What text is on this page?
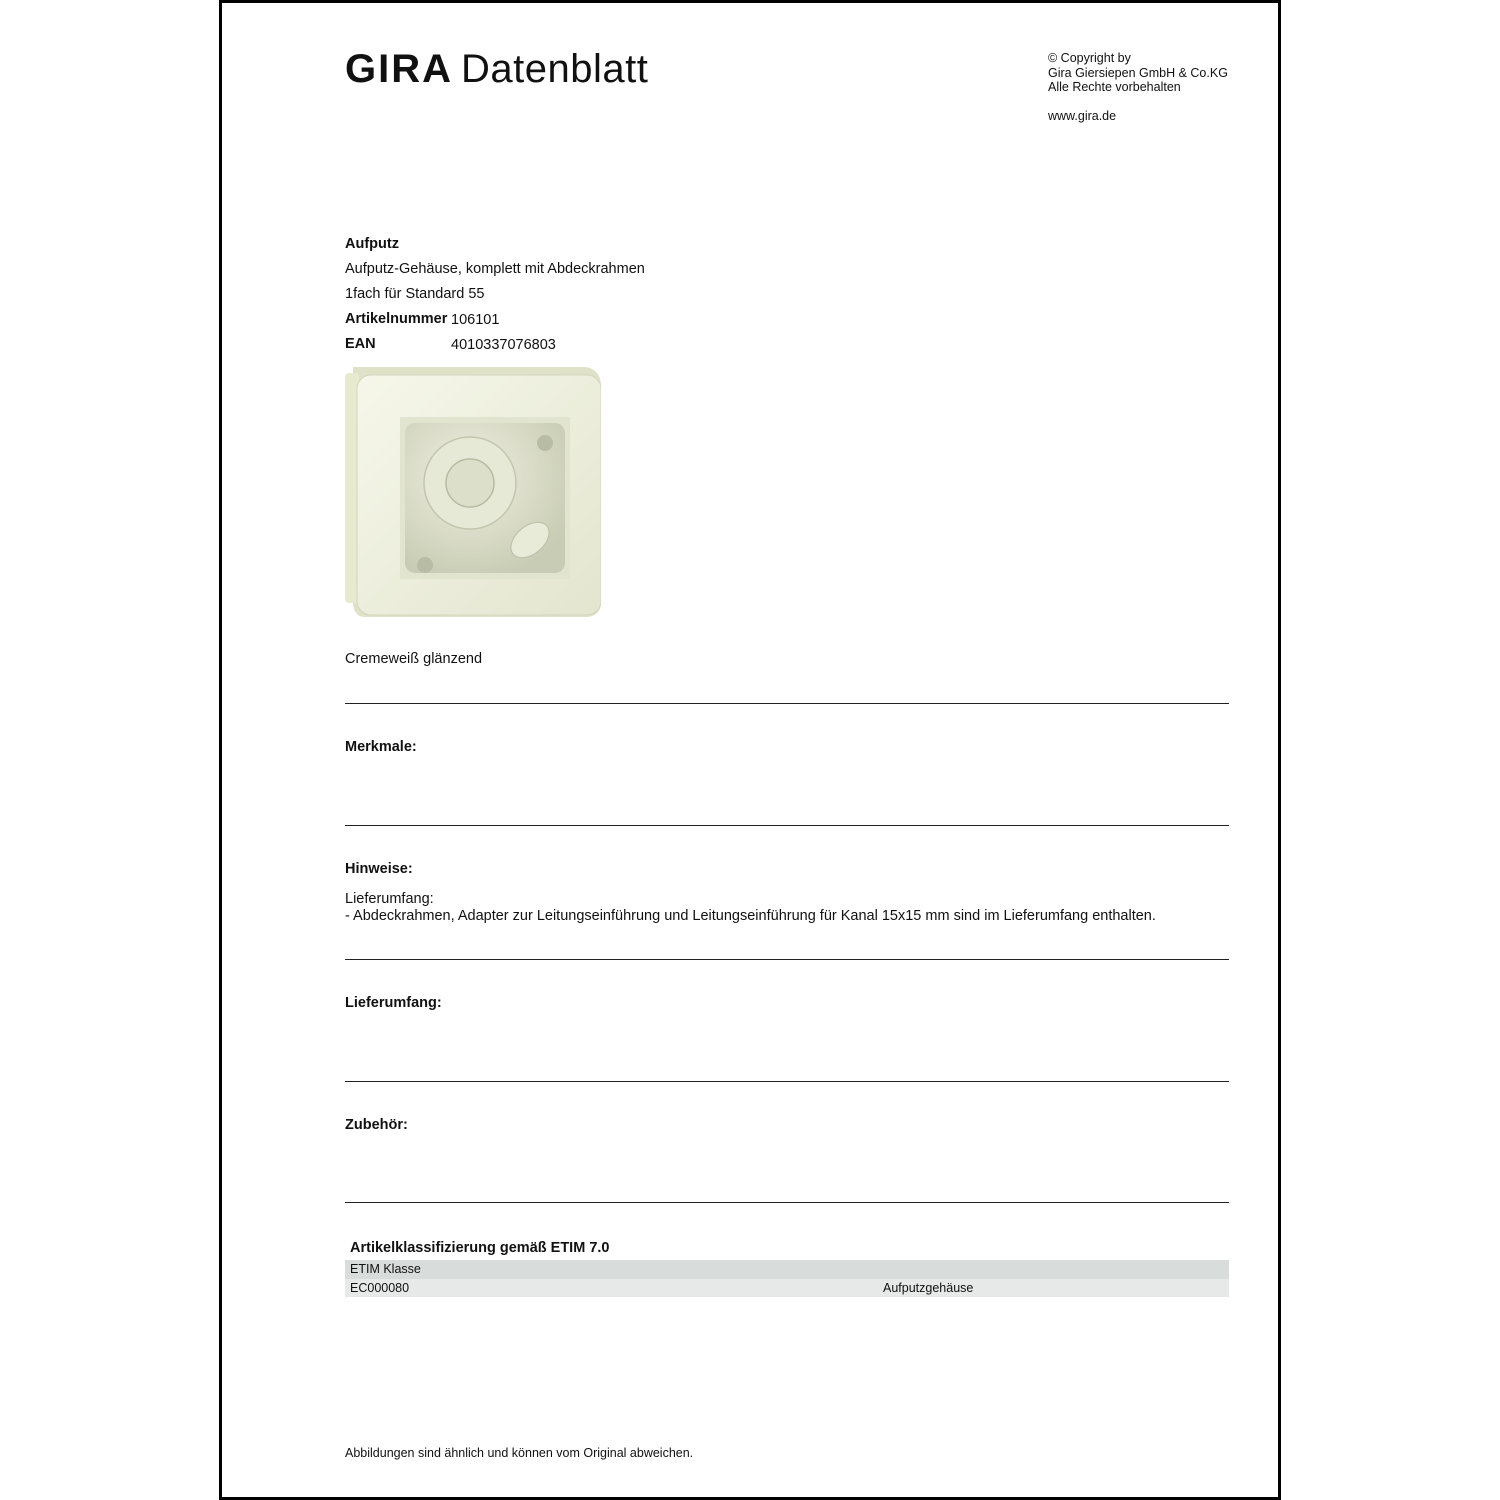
GIRA Datenblatt	© Copyright by
Gira Giersiepen GmbH & Co.KG
Alle Rechte vorbehalten
www.gira.de
Aufputz
Aufputz-Gehäuse, komplett mit Abdeckrahmen
1fach für Standard 55
Artikelnummer 106101
EAN	4010337076803
Cremeweiß glänzend
Merkmale:
Hinweise:
Lieferumfang:
- Abdeckrahmen, Adapter zur Leitungseinführung und Leitungseinführung für Kanal 15x15 mm sind im Lieferumfang enthalten.
Lieferumfang:
Zubehör:
Artikelklassifizierung gemäß ETIM 7.0
ETIM Klasse
EC000080	Aufputzgehäuse
Abbildungen sind ähnlich und können vom Original abweichen.
